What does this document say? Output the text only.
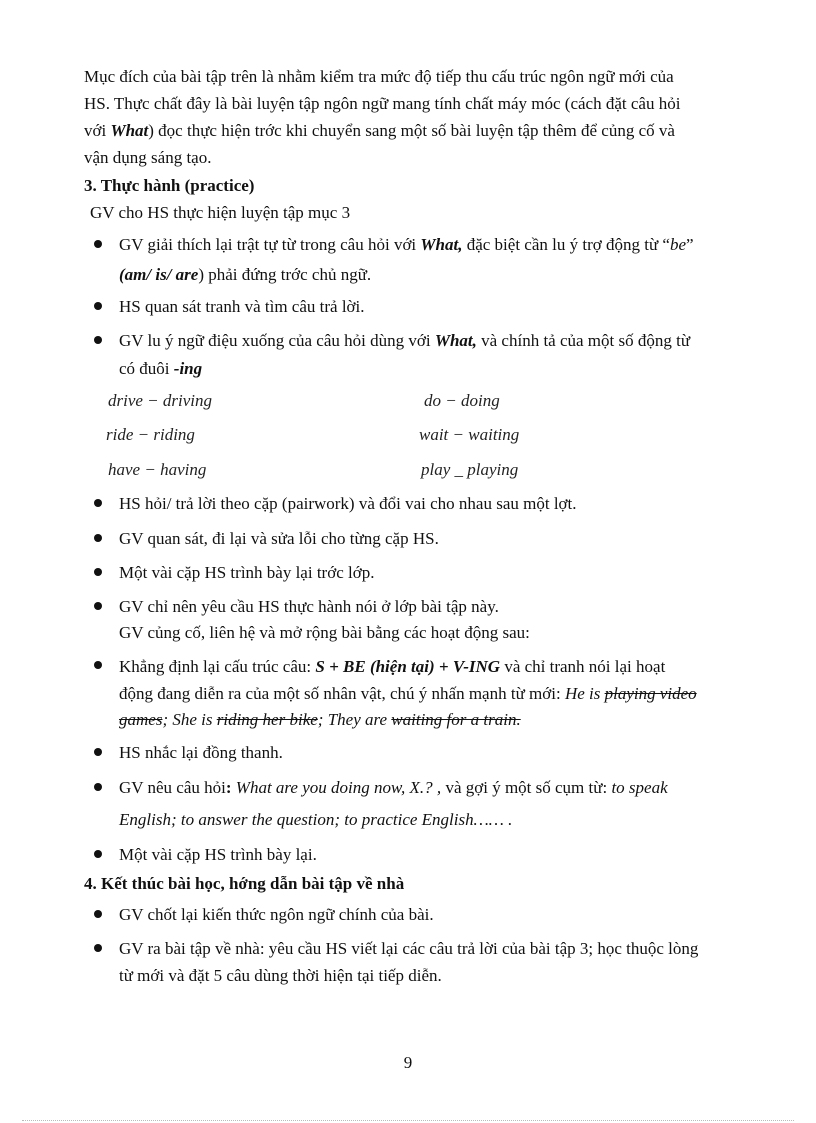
Mục đích của bài tập trên là nhằm kiểm tra mức độ tiếp thu cấu trúc ngôn ngữ mới của
HS. Thực chất đây là bài luyện tập ngôn ngữ mang tính chất máy móc (cách đặt câu hỏi
với What) đọc thực hiện trớc khi chuyển sang một số bài luyện tập thêm để củng cố và
vận dụng sáng tạo.
3. Thực hành (practice)
GV cho HS thực hiện luyện tập mục 3
GV giải thích lại trật tự từ trong câu hỏi với What, đặc biệt cần lu ý trợ động từ “be”
(am/ is/ are) phải đứng trớc chủ ngữ.
HS quan sát tranh và tìm câu trả lời.
GV lu ý ngữ điệu xuống của câu hỏi dùng với What, và chính tả của một số động từ
có đuôi -ing
drive − driving	do − doing
ride − riding	wait − waiting
have − having	play _ playing
HS hỏi/ trả lời theo cặp (pairwork) và đổi vai cho nhau sau một lợt.
GV quan sát, đi lại và sửa lỗi cho từng cặp HS.
Một vài cặp HS trình bày lại trớc lớp.
GV chỉ nên yêu cầu HS thực hành nói ở lớp bài tập này.
GV củng cố, liên hệ và mở rộng bài bằng các hoạt động sau:
Khẳng định lại cấu trúc câu: S + BE (hiện tại) + V-ING và chỉ tranh nói lại hoạt
động đang diễn ra của một số nhân vật, chú ý nhấn mạnh từ mới: He is playing video
games; She is riding her bike; They are waiting for a train.
HS nhắc lại đồng thanh.
GV nêu câu hỏi: What are you doing now, X.? , và gợi ý một số cụm từ: to speak
English; to answer the question; to practice English…… .
Một vài cặp HS trình bày lại.
4. Kết thúc bài học, hớng dẫn bài tập về nhà
GV chốt lại kiến thức ngôn ngữ chính của bài.
GV ra bài tập về nhà: yêu cầu HS viết lại các câu trả lời của bài tập 3; học thuộc lòng
từ mới và đặt 5 câu dùng thời hiện tại tiếp diễn.
9
